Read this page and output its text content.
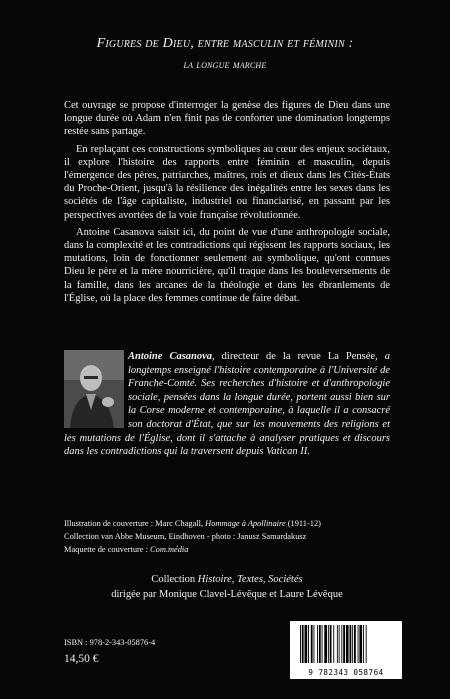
Figures de Dieu, entre masculin et féminin :
la longue marche

Cet ouvrage se propose d'interroger la genèse des figures de Dieu dans une longue durée où Adam n'en finit pas de conforter une domination longtemps restée sans partage.

En replaçant ces constructions symboliques au cœur des enjeux sociétaux, il explore l'histoire des rapports entre féminin et masculin, depuis l'émergence des pères, patriarches, maîtres, rois et dieux dans les Cités-États du Proche-Orient, jusqu'à la résilience des inégalités entre les sexes dans les sociétés de l'âge capitaliste, industriel ou financiarisé, en passant par les perspectives avortées de la voie française révolutionnée.

Antoine Casanova saisit ici, du point de vue d'une anthropologie sociale, dans la complexité et les contradictions qui régissent les rapports sociaux, les mutations, loin de fonctionner seulement au symbolique, qu'ont connues Dieu le père et la mère nourricière, qu'il traque dans les bouleversements de la famille, dans les arcanes de la théologie et dans les ébranlements de l'Église, où la place des femmes continue de faire débat.

Antoine Casanova, directeur de la revue La Pensée, a longtemps enseigné l'histoire contemporaine à l'Université de Franche-Comté. Ses recherches d'histoire et d'anthropologie sociale, pensées dans la longue durée, portent aussi bien sur la Corse moderne et contemporaine, à laquelle il a consacré son doctorat d'État, que sur les mouvements des religions et les mutations de l'Église, dont il s'attache à analyser pratiques et discours dans les contradictions qui la traversent depuis Vatican II.
Illustration de couverture : Marc Chagall, Hommage à Apollinaire (1911-12)
Collection van Abbe Museum, Eindhoven - photo : Janusz Samardakusz
Maquette de couverture : Com.média
Collection Histoire, Textes, Sociétés
dirigée par Monique Clavel-Lévêque et Laure Lévêque
ISBN : 978-2-343-05876-4
14,50 €
9 782343 058764
